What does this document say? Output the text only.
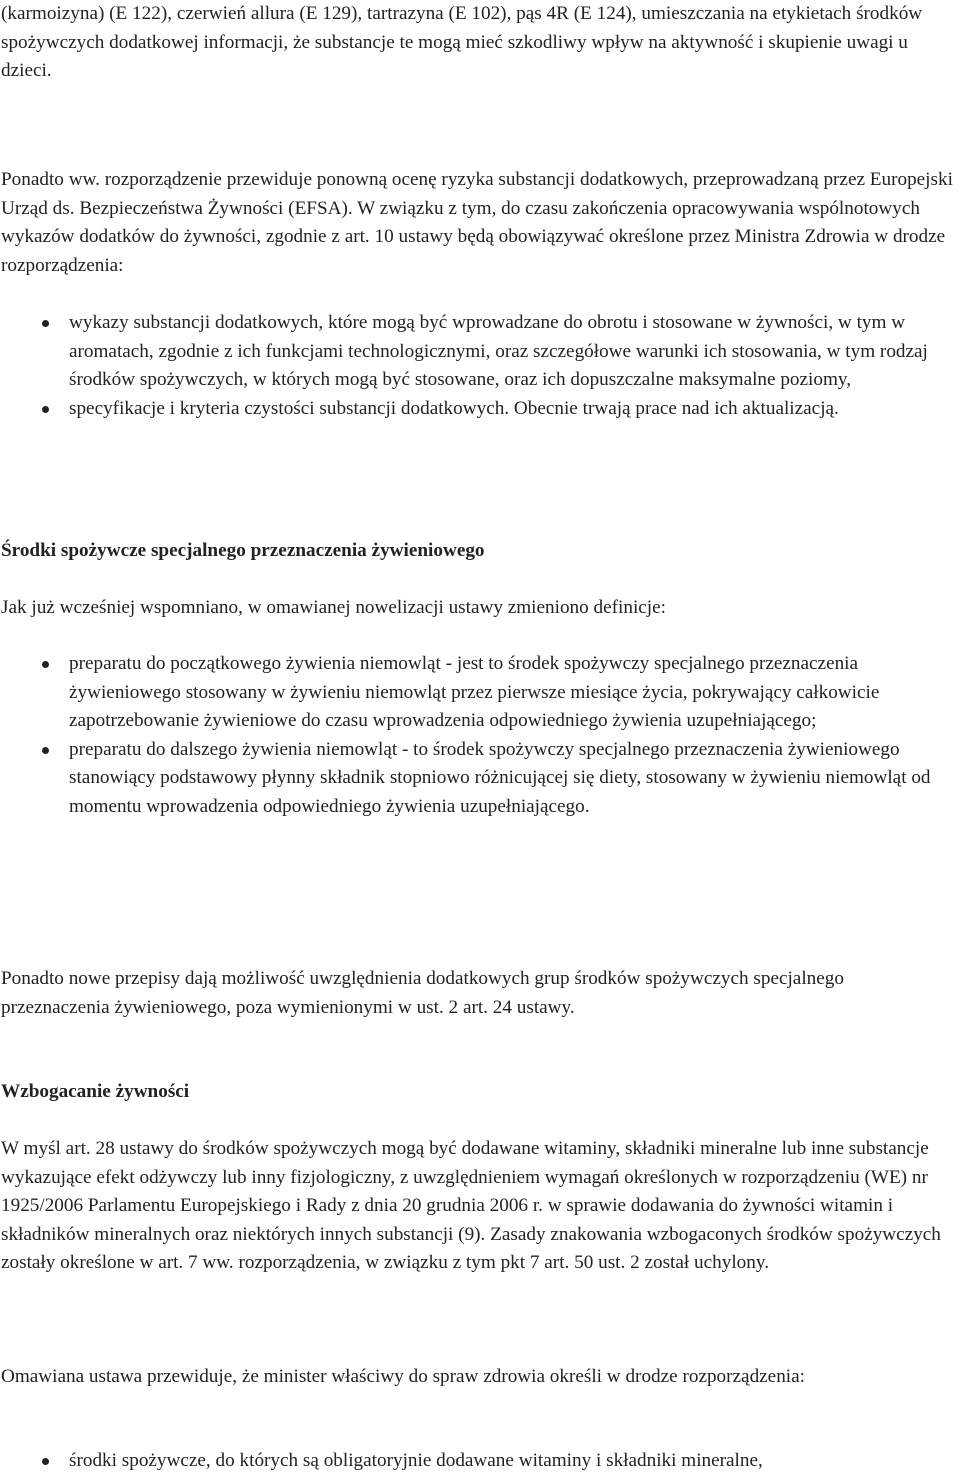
(karmoizyna) (E 122), czerwień allura (E 129), tartrazyna (E 102), pąs 4R (E 124), umieszczania na etykietach środków spożywczych dodatkowej informacji, że substancje te mogą mieć szkodliwy wpływ na aktywność i skupienie uwagi u dzieci.

Ponadto ww. rozporządzenie przewiduje ponowną ocenę ryzyka substancji dodatkowych, przeprowadzaną przez Europejski Urząd ds. Bezpieczeństwa Żywności (EFSA). W związku z tym, do czasu zakończenia opracowywania wspólnotowych wykazów dodatków do żywności, zgodnie z art. 10 ustawy będą obowiązywać określone przez Ministra Zdrowia w drodze rozporządzenia:

wykazy substancji dodatkowych, które mogą być wprowadzane do obrotu i stosowane w żywności, w tym w aromatach, zgodnie z ich funkcjami technologicznymi, oraz szczegółowe warunki ich stosowania, w tym rodzaj środków spożywczych, w których mogą być stosowane, oraz ich dopuszczalne maksymalne poziomy,
specyfikacje i kryteria czystości substancji dodatkowych. Obecnie trwają prace nad ich aktualizacją.

Środki spożywcze specjalnego przeznaczenia żywieniowego

Jak już wcześniej wspomniano, w omawianej nowelizacji ustawy zmieniono definicje:

preparatu do początkowego żywienia niemowląt - jest to środek spożywczy specjalnego przeznaczenia żywieniowego stosowany w żywieniu niemowląt przez pierwsze miesiące życia, pokrywający całkowicie zapotrzebowanie żywieniowe do czasu wprowadzenia odpowiedniego żywienia uzupełniającego;
preparatu do dalszego żywienia niemowląt - to środek spożywczy specjalnego przeznaczenia żywieniowego stanowiący podstawowy płynny składnik stopniowo różnicującej się diety, stosowany w żywieniu niemowląt od momentu wprowadzenia odpowiedniego żywienia uzupełniającego.

Ponadto nowe przepisy dają możliwość uwzględnienia dodatkowych grup środków spożywczych specjalnego przeznaczenia żywieniowego, poza wymienionymi w ust. 2 art. 24 ustawy.

Wzbogacanie żywności

W myśl art. 28 ustawy do środków spożywczych mogą być dodawane witaminy, składniki mineralne lub inne substancje wykazujące efekt odżywczy lub inny fizjologiczny, z uwzględnieniem wymagań określonych w rozporządzeniu (WE) nr 1925/2006 Parlamentu Europejskiego i Rady z dnia 20 grudnia 2006 r. w sprawie dodawania do żywności witamin i składników mineralnych oraz niektórych innych substancji (9). Zasady znakowania wzbogaconych środków spożywczych zostały określone w art. 7 ww. rozporządzenia, w związku z tym pkt 7 art. 50 ust. 2 został uchylony.

Omawiana ustawa przewiduje, że minister właściwy do spraw zdrowia określi w drodze rozporządzenia:

środki spożywcze, do których są obligatoryjnie dodawane witaminy i składniki mineralne,
